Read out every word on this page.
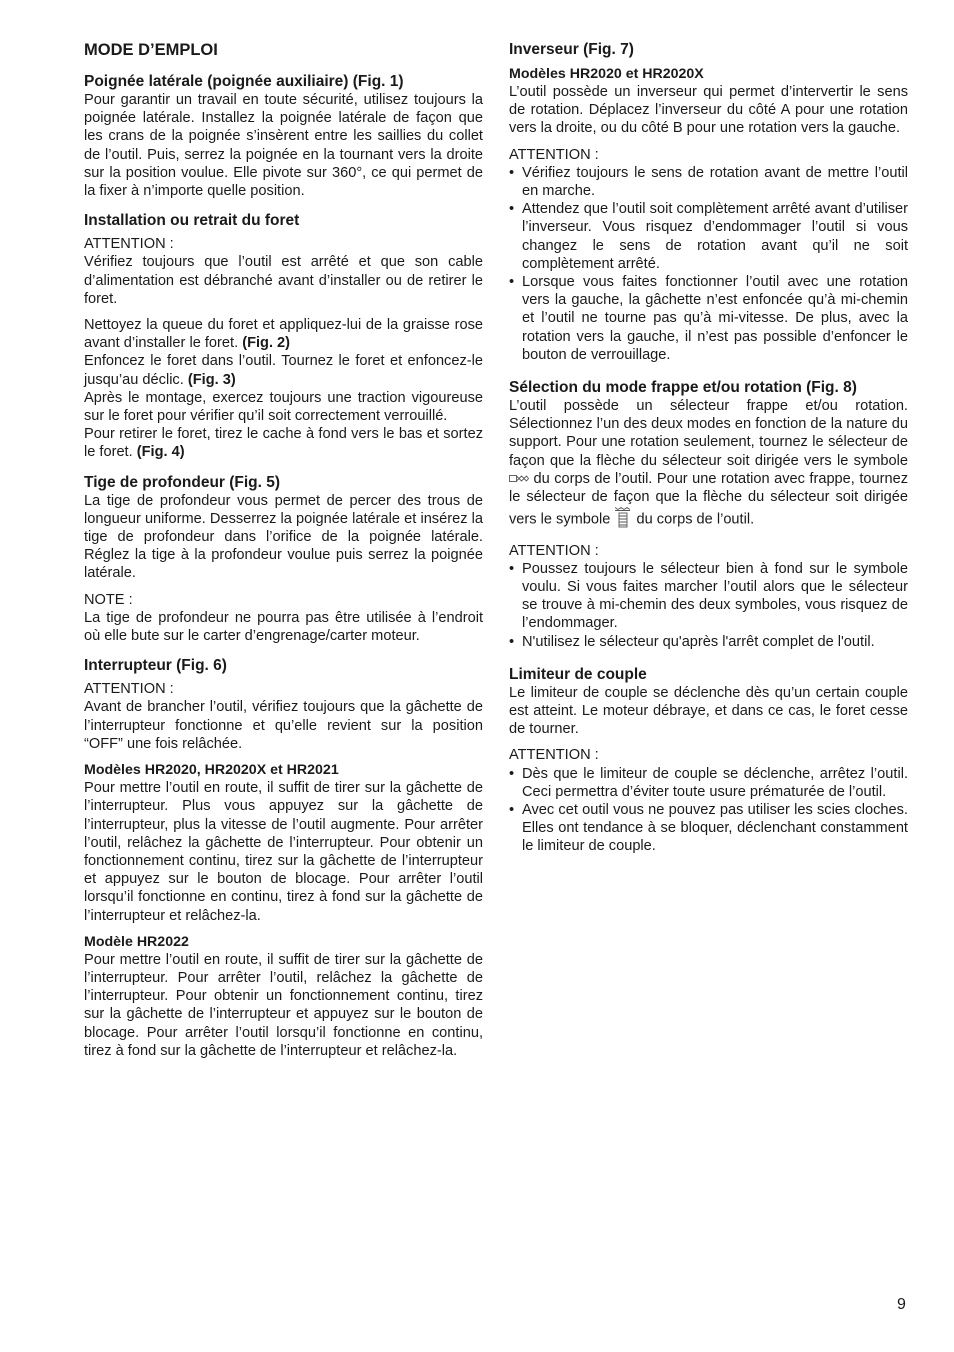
MODE D’EMPLOI
Poignée latérale (poignée auxiliaire) (Fig. 1)

Pour garantir un travail en toute sécurité, utilisez toujours la poignée latérale. Installez la poignée latérale de façon que les crans de la poignée s’insèrent entre les saillies du collet de l’outil. Puis, serrez la poignée en la tournant vers la droite sur la position voulue. Elle pivote sur 360°, ce qui permet de la fixer à n’importe quelle position.

Installation ou retrait du foret

ATTENTION :

Vérifiez toujours que l’outil est arrêté et que son cable d’alimentation est débranché avant d’installer ou de retirer le foret.

Nettoyez la queue du foret et appliquez-lui de la graisse rose avant d’installer le foret. (Fig. 2)

Enfoncez le foret dans l’outil. Tournez le foret et enfoncez-le jusqu’au déclic. (Fig. 3)

Après le montage, exercez toujours une traction vigoureuse sur le foret pour vérifier qu’il soit correctement verrouillé.

Pour retirer le foret, tirez le cache à fond vers le bas et sortez le foret. (Fig. 4)

Tige de profondeur (Fig. 5)

La tige de profondeur vous permet de percer des trous de longueur uniforme. Desserrez la poignée latérale et insérez la tige de profondeur dans l’orifice de la poignée latérale. Réglez la tige à la profondeur voulue puis serrez la poignée latérale.

NOTE :

La tige de profondeur ne pourra pas être utilisée à l’endroit où elle bute sur le carter d’engrenage/carter moteur.

Interrupteur (Fig. 6)

ATTENTION :

Avant de brancher l’outil, vérifiez toujours que la gâchette de l’interrupteur fonctionne et qu’elle revient sur la position “OFF” une fois relâchée.

Modèles HR2020, HR2020X et HR2021

Pour mettre l’outil en route, il suffit de tirer sur la gâchette de l’interrupteur. Plus vous appuyez sur la gâchette de l’interrupteur, plus la vitesse de l’outil augmente. Pour arrêter l’outil, relâchez la gâchette de l’interrupteur. Pour obtenir un fonctionnement continu, tirez sur la gâchette de l’interrupteur et appuyez sur le bouton de blocage. Pour arrêter l’outil lorsqu’il fonctionne en continu, tirez à fond sur la gâchette de l’interrupteur et relâchez-la.

Modèle HR2022

Pour mettre l’outil en route, il suffit de tirer sur la gâchette de l’interrupteur. Pour arrêter l’outil, relâchez la gâchette de l’interrupteur. Pour obtenir un fonctionnement continu, tirez sur la gâchette de l’interrupteur et appuyez sur le bouton de blocage. Pour arrêter l’outil lorsqu’il fonctionne en continu, tirez à fond sur la gâchette de l’interrupteur et relâchez-la.

Inverseur (Fig. 7)
Modèles HR2020 et HR2020X

L’outil possède un inverseur qui permet d’intervertir le sens de rotation. Déplacez l’inverseur du côté A pour une rotation vers la droite, ou du côté B pour une rotation vers la gauche.

ATTENTION :

• Vérifiez toujours le sens de rotation avant de mettre l’outil en marche.
• Attendez que l’outil soit complètement arrêté avant d’utiliser l’inverseur. Vous risquez d’endommager l’outil si vous changez le sens de rotation avant qu’il ne soit complètement arrêté.
• Lorsque vous faites fonctionner l’outil avec une rotation vers la gauche, la gâchette n’est enfoncée qu’à mi-chemin et l’outil ne tourne pas qu’à mi-vitesse. De plus, avec la rotation vers la gauche, il n’est pas possible d’enfoncer le bouton de verrouillage.
Sélection du mode frappe et/ou rotation (Fig. 8)

L’outil possède un sélecteur frappe et/ou rotation. Sélectionnez l’un des deux modes en fonction de la nature du support. Pour une rotation seulement, tournez le sélecteur de façon que la flèche du sélecteur soit dirigée vers le symbole  du corps de l’outil. Pour une rotation avec frappe, tournez le sélecteur de façon que la flèche du sélecteur soit dirigée vers le symbole du corps de l’outil.

ATTENTION :

• Poussez toujours le sélecteur bien à fond sur le symbole voulu. Si vous faites marcher l’outil alors que le sélecteur se trouve à mi-chemin des deux symboles, vous risquez de l’endommager.
• N'utilisez le sélecteur qu'après l'arrêt complet de l'outil.
Limiteur de couple

Le limiteur de couple se déclenche dès qu’un certain couple est atteint. Le moteur débraye, et dans ce cas, le foret cesse de tourner.

ATTENTION :

• Dès que le limiteur de couple se déclenche, arrêtez l’outil. Ceci permettra d’éviter toute usure prématurée de l’outil.
• Avec cet outil vous ne pouvez pas utiliser les scies cloches. Elles ont tendance à se bloquer, déclenchant constamment le limiteur de couple.
9
